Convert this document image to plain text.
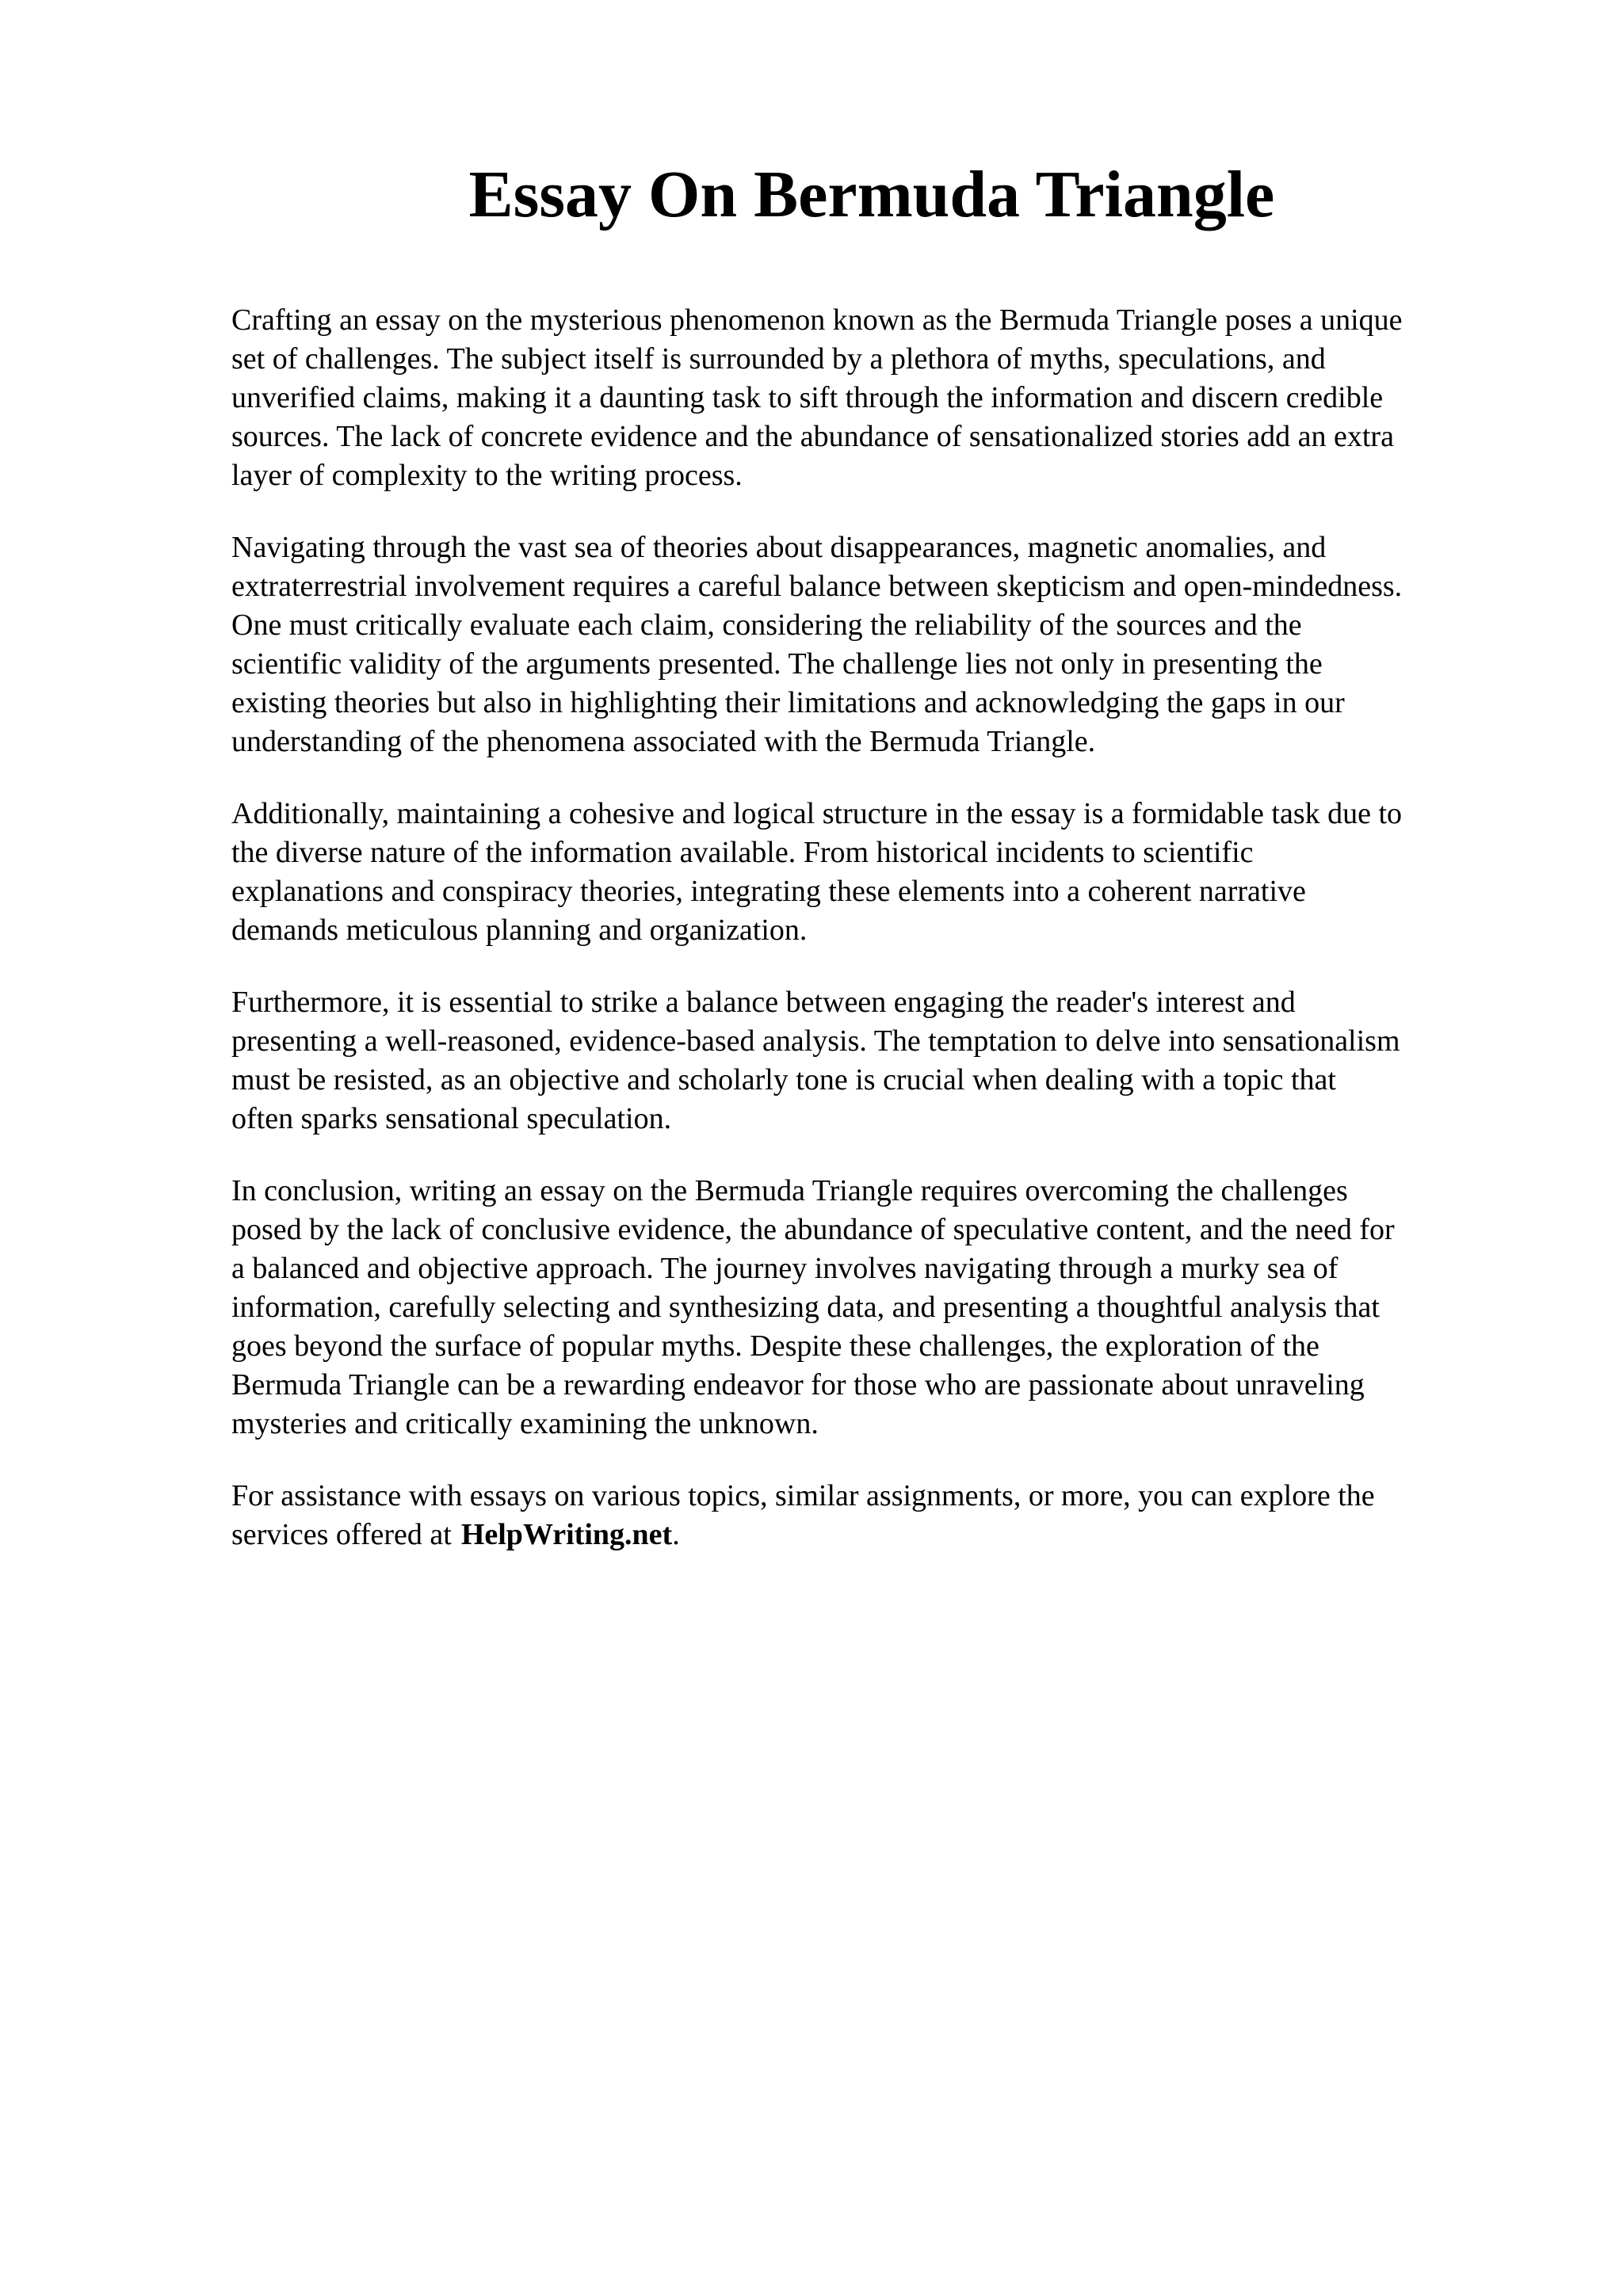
Essay On Bermuda Triangle

Crafting an essay on the mysterious phenomenon known as the Bermuda Triangle poses a unique
set of challenges. The subject itself is surrounded by a plethora of myths, speculations, and
unverified claims, making it a daunting task to sift through the information and discern credible
sources. The lack of concrete evidence and the abundance of sensationalized stories add an extra
layer of complexity to the writing process.

Navigating through the vast sea of theories about disappearances, magnetic anomalies, and
extraterrestrial involvement requires a careful balance between skepticism and open-mindedness.
One must critically evaluate each claim, considering the reliability of the sources and the
scientific validity of the arguments presented. The challenge lies not only in presenting the
existing theories but also in highlighting their limitations and acknowledging the gaps in our
understanding of the phenomena associated with the Bermuda Triangle.

Additionally, maintaining a cohesive and logical structure in the essay is a formidable task due to
the diverse nature of the information available. From historical incidents to scientific
explanations and conspiracy theories, integrating these elements into a coherent narrative
demands meticulous planning and organization.

Furthermore, it is essential to strike a balance between engaging the reader's interest and
presenting a well-reasoned, evidence-based analysis. The temptation to delve into sensationalism
must be resisted, as an objective and scholarly tone is crucial when dealing with a topic that
often sparks sensational speculation.

In conclusion, writing an essay on the Bermuda Triangle requires overcoming the challenges
posed by the lack of conclusive evidence, the abundance of speculative content, and the need for
a balanced and objective approach. The journey involves navigating through a murky sea of
information, carefully selecting and synthesizing data, and presenting a thoughtful analysis that
goes beyond the surface of popular myths. Despite these challenges, the exploration of the
Bermuda Triangle can be a rewarding endeavor for those who are passionate about unraveling
mysteries and critically examining the unknown.

For assistance with essays on various topics, similar assignments, or more, you can explore the
services offered at HelpWriting.net.
